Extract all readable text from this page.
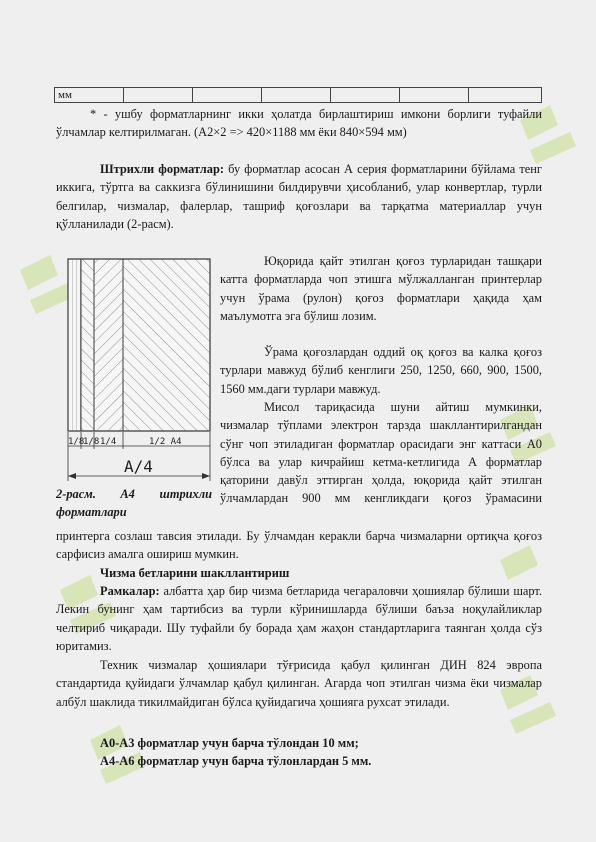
мм						

* - ушбу форматларнинг икки ҳолатда бирлаштириш имкони борлиги туфайли ўлчамлар келтирилмаган. (A2×2 => 420×1188 мм ёки 840×594 мм)

Штрихли форматлар: бу форматлар асосан А серия форматларини бўйлама тенг иккига, тўртга ва саккизга бўлинишини билдирувчи ҳисобланиб, улар конвертлар, турли белгилар, чизмалар, фалерлар, ташриф қоғозлари ва тарқатма материаллар учун қўлланилади (2-расм).

1/8
1/8 1/4	1/2 A4
A/4

2-расм. А4 штрихли
форматлари

Юқорида қайт этилган қоғоз турларидан ташқари катта форматларда чоп этишга мўлжалланган принтерлар учун ўрама (рулон) қоғоз форматлари ҳақида ҳам маълумотга эга бўлиш лозим.

Ўрама қоғозлардан оддий оқ қоғоз ва калка қоғоз турлари мавжуд бўлиб кенглиги 250, 1250, 660, 900, 1500, 1560 мм.даги турлари мавжуд.

Мисол тариқасида шуни айтиш мумкинки, чизмалар тўплами электрон тарзда шакллантирилгандан сўнг чоп этиладиган форматлар орасидаги энг каттаси А0 бўлса ва улар кичрайиш кетма-кетлигида А форматлар қаторини давўл эттирган ҳолда, юқорида қайт этилган ўлчамлардан 900 мм кенгликдаги қоғоз ўрамасини

принтерга созлаш тавсия этилади. Бу ўлчамдан керакли барча чизмаларни ортиқча қоғоз сарфисиз амалга ошириш мумкин.

Чизма бетларини шакллантириш

Рамкалар: албатта ҳар бир чизма бетларида чегараловчи ҳошиялар бўлиши шарт. Лекин бунинг ҳам тартибсиз ва турли кўринишларда бўлиши баъза ноқулайликлар челтириб чиқаради. Шу туфайли бу борада ҳам жаҳон стандартларига таянган ҳолда сўз юритамиз.

Техник чизмалар ҳошиялари тўғрисида қабул қилинган ДИН 824 эвропа стандартида қуйидаги ўлчамлар қабул қилинган. Агарда чоп этилган чизма ёки чизмалар албўл шаклида тикилмайдиган бўлса қуйидагича ҳошияга рухсат этилади.

А0-А3 форматлар учун барча тўлондан 10 мм;

А4-А6 форматлар учун барча тўлонлардан 5 мм.
